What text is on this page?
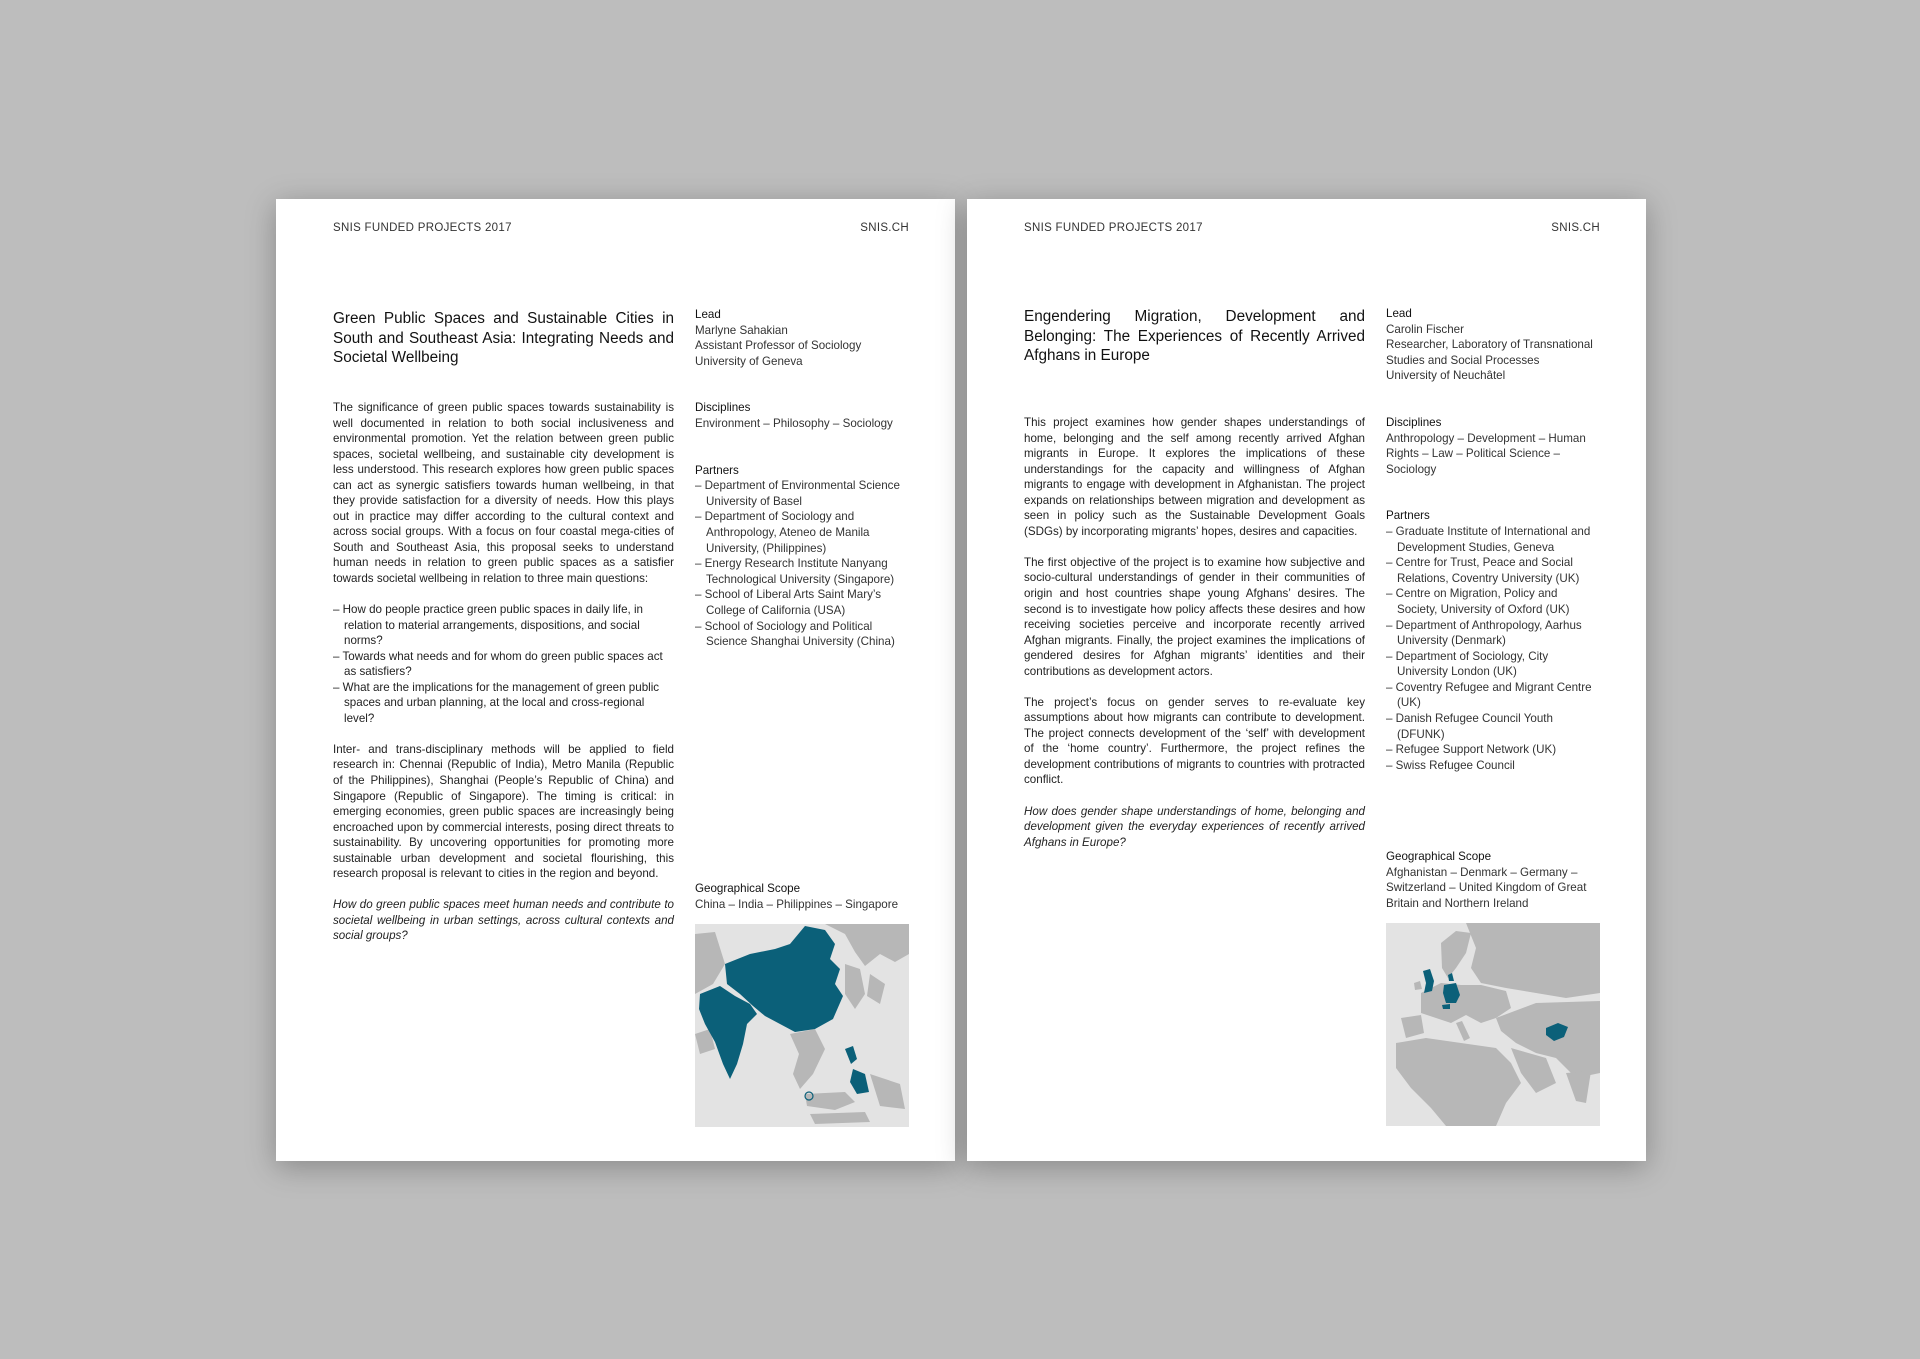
SNIS FUNDED PROJECTS 2017	SNIS.CH
Green Public Spaces and Sustainable Cities in South and Southeast Asia: Integrating Needs and Societal Wellbeing

The significance of green public spaces towards sustainability is well documented in relation to both social inclusiveness and environmental promotion. Yet the relation between green public spaces, societal wellbeing, and sustainable city development is less understood. This research explores how green public spaces can act as synergic satisfiers towards human wellbeing, in that they provide satisfaction for a diversity of needs. How this plays out in practice may differ according to the cultural context and across social groups. With a focus on four coastal mega-cities of South and Southeast Asia, this proposal seeks to understand human needs in relation to green public spaces as a satisfier towards societal wellbeing in relation to three main questions:

– How do people practice green public spaces in daily life, in relation to material arrangements, dispositions, and social norms?
– Towards what needs and for whom do green public spaces act as satisfiers?
– What are the implications for the management of green public spaces and urban planning, at the local and cross-regional level?

Inter- and trans-disciplinary methods will be applied to field research in: Chennai (Republic of India), Metro Manila (Republic of the Philippines), Shanghai (People’s Republic of China) and Singapore (Republic of Singapore). The timing is critical: in emerging economies, green public spaces are increasingly being encroached upon by commercial interests, posing direct threats to sustainability. By uncovering opportunities for promoting more sustainable urban development and societal flourishing, this research proposal is relevant to cities in the region and beyond.

How do green public spaces meet human needs and contribute to societal wellbeing in urban settings, across cultural contexts and social groups?

Lead
Marlyne Sahakian
Assistant Professor of Sociology
University of Geneva
Disciplines
Environment – Philosophy – Sociology
Partners
– Department of Environmental Science University of Basel
– Department of Sociology and Anthropology, Ateneo de Manila University, (Philippines)
– Energy Research Institute Nanyang Technological University (Singapore)
– School of Liberal Arts Saint Mary’s College of California (USA)
– School of Sociology and Political Science Shanghai University (China)
Geographical Scope
China – India – Philippines – Singapore
SNIS FUNDED PROJECTS 2017	SNIS.CH
Engendering Migration, Development and Belonging: The Experiences of Recently Arrived Afghans in Europe

This project examines how gender shapes understandings of home, belonging and the self among recently arrived Afghan migrants in Europe. It explores the implications of these understandings for the capacity and willingness of Afghan migrants to engage with development in Afghanistan. The project expands on relationships between migration and development as seen in policy such as the Sustainable Development Goals (SDGs) by incorporating migrants’ hopes, desires and capacities.

The first objective of the project is to examine how subjective and socio-cultural understandings of gender in their communities of origin and host countries shape young Afghans’ desires. The second is to investigate how policy affects these desires and how receiving societies perceive and incorporate recently arrived Afghan migrants. Finally, the project examines the implications of gendered desires for Afghan migrants’ identities and their contributions as development actors.

The project’s focus on gender serves to re-evaluate key assumptions about how migrants can contribute to development. The project connects development of the ‘self’ with development of the ‘home country’. Furthermore, the project refines the development contributions of migrants to countries with protracted conflict.

How does gender shape understandings of home, belonging and development given the everyday experiences of recently arrived Afghans in Europe?

Lead
Carolin Fischer
Researcher, Laboratory of Transnational Studies and Social Processes
University of Neuchâtel
Disciplines
Anthropology – Development – Human Rights – Law – Political Science – Sociology
Partners
– Graduate Institute of International and Development Studies, Geneva
– Centre for Trust, Peace and Social Relations, Coventry University (UK)
– Centre on Migration, Policy and Society, University of Oxford (UK)
– Department of Anthropology, Aarhus University (Denmark)
– Department of Sociology, City University London (UK)
– Coventry Refugee and Migrant Centre (UK)
– Danish Refugee Council Youth (DFUNK)
– Refugee Support Network (UK)
– Swiss Refugee Council
Geographical Scope
Afghanistan – Denmark – Germany – Switzerland – United Kingdom of Great Britain and Northern Ireland
